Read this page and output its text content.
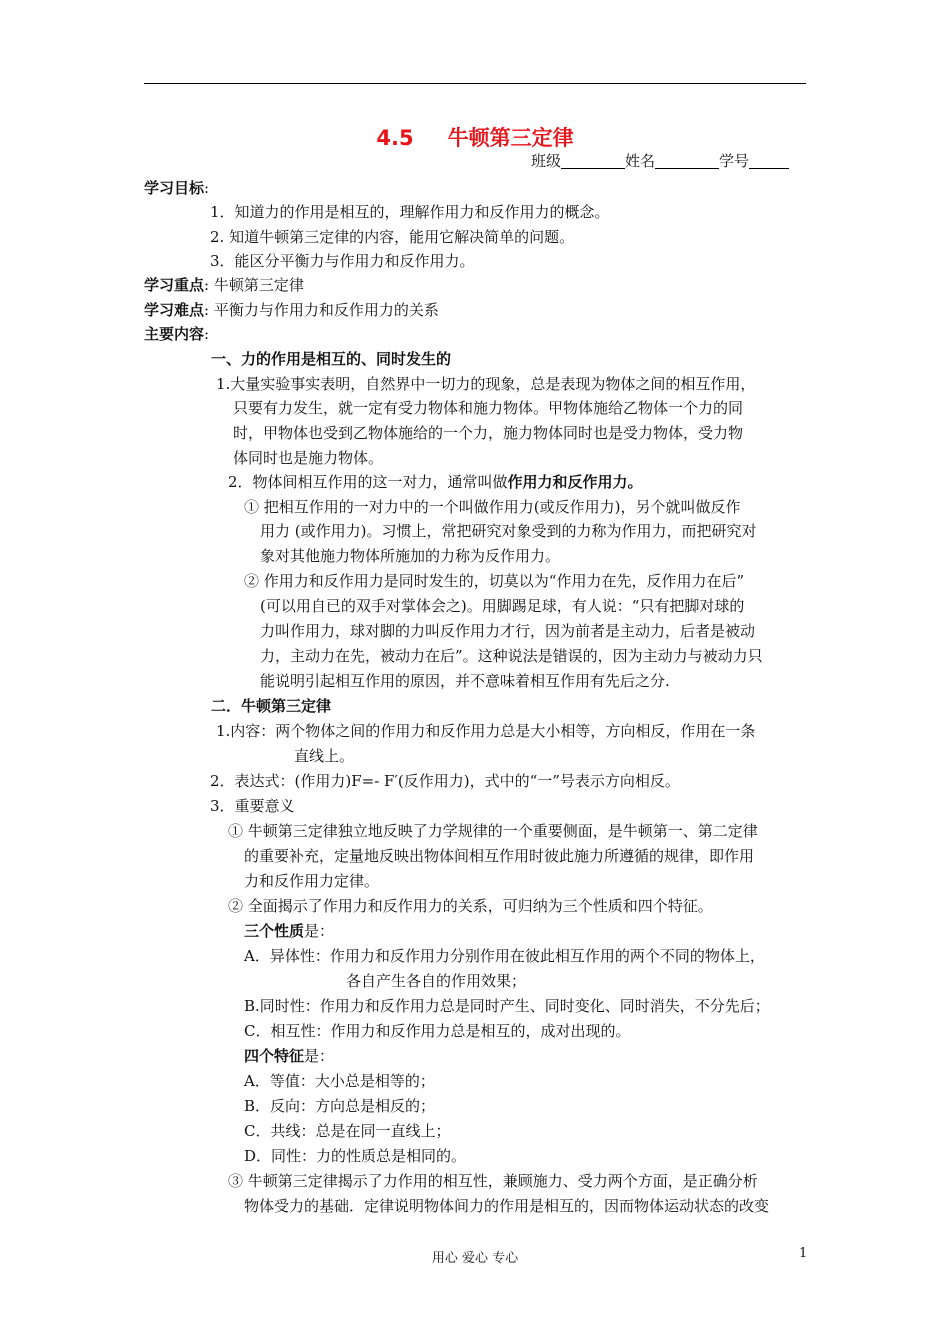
4.5 牛顿第三定律
班级	姓名	学号
学习目标:
1．知道力的作用是相互的，理解作用力和反作用力的概念。
2. 知道牛顿第三定律的内容，能用它解决简单的问题。
3．能区分平衡力与作用力和反作用力。
学习重点: 牛顿第三定律
学习难点: 平衡力与作用力和反作用力的关系
主要内容:
一、力的作用是相互的、同时发生的
1.大量实验事实表明，自然界中一切力的现象，总是表现为物体之间的相互作用，
只要有力发生，就一定有受力物体和施力物体。甲物体施给乙物体一个力的同
时，甲物体也受到乙物体施给的一个力，施力物体同时也是受力物体，受力物
体同时也是施力物体。
2．物体间相互作用的这一对力，通常叫做作用力和反作用力。
① 把相互作用的一对力中的一个叫做作用力(或反作用力)，另个就叫做反作
用力 (或作用力)。习惯上，常把研究对象受到的力称为作用力，而把研究对
象对其他施力物体所施加的力称为反作用力。
② 作用力和反作用力是同时发生的，切莫以为“作用力在先，反作用力在后”
(可以用自已的双手对掌体会之)。用脚踢足球，有人说：“只有把脚对球的
力叫作用力，球对脚的力叫反作用力才行，因为前者是主动力，后者是被动
力，主动力在先，被动力在后”。这种说法是错误的，因为主动力与被动力只
能说明引起相互作用的原因，并不意味着相互作用有先后之分.
二．牛顿第三定律
1.内容：两个物体之间的作用力和反作用力总是大小相等，方向相反，作用在一条
直线上。
2．表达式：(作用力)F=- F′(反作用力)，式中的“一”号表示方向相反。
3．重要意义
① 牛顿第三定律独立地反映了力学规律的一个重要侧面，是牛顿第一、第二定律
的重要补充，定量地反映出物体间相互作用时彼此施力所遵循的规律，即作用
力和反作用力定律。
② 全面揭示了作用力和反作用力的关系，可归纳为三个性质和四个特征。
三个性质是：
A．异体性：作用力和反作用力分别作用在彼此相互作用的两个不同的物体上，
各自产生各自的作用效果；
B.同时性：作用力和反作用力总是同时产生、同时变化、同时消失，不分先后；
C．相互性：作用力和反作用力总是相互的，成对出现的。
四个特征是：
A．等值：大小总是相等的；
B．反向：方向总是相反的；
C．共线：总是在同一直线上；
D．同性：力的性质总是相同的。
③ 牛顿第三定律揭示了力作用的相互性，兼顾施力、受力两个方面，是正确分析
物体受力的基础．定律说明物体间力的作用是相互的，因而物体运动状态的改变
用心 爱心 专心	1
